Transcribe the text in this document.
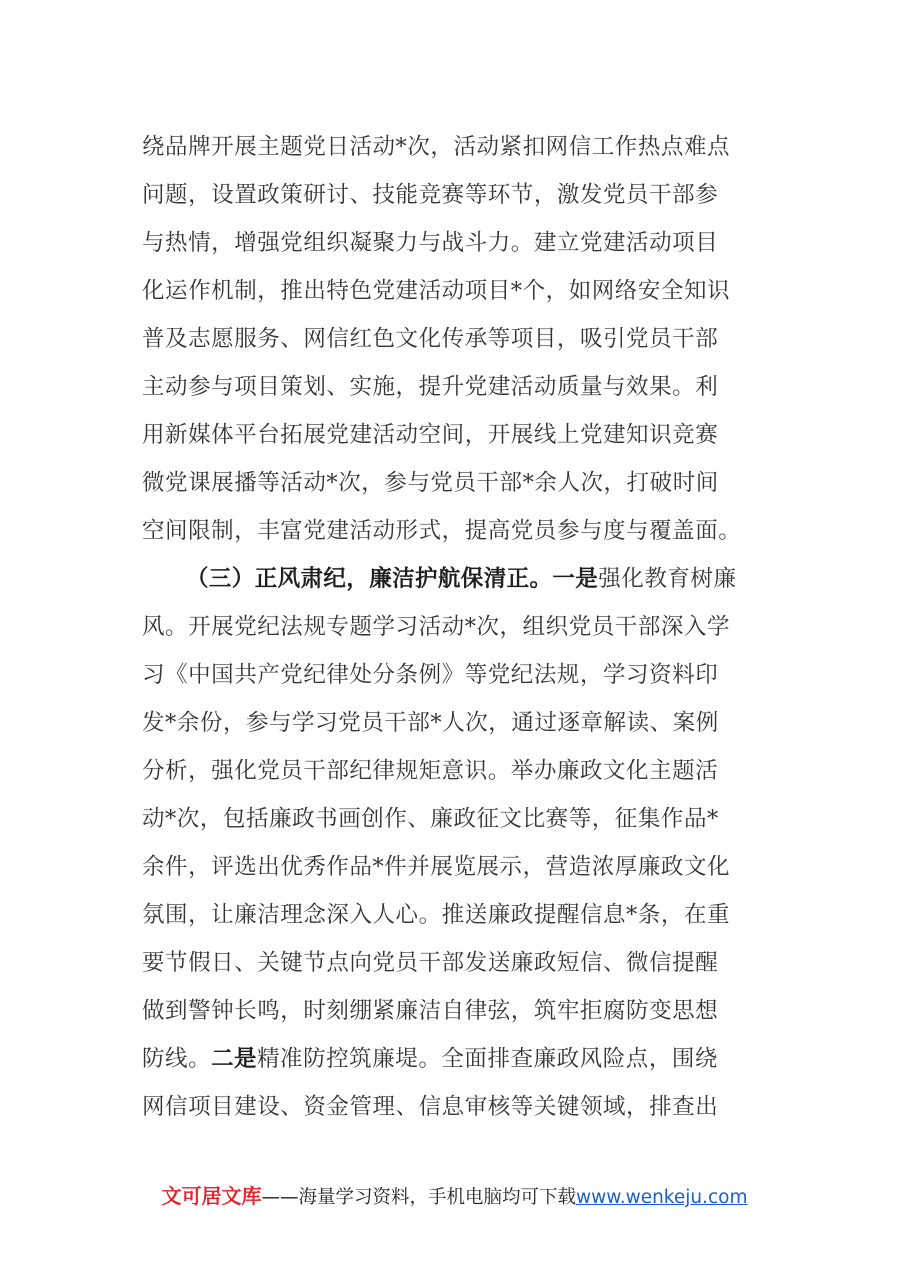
绕品牌开展主题党日活动*次，活动紧扣网信工作热点难点
问题，设置政策研讨、技能竞赛等环节，激发党员干部参
与热情，增强党组织凝聚力与战斗力。建立党建活动项目
化运作机制，推出特色党建活动项目*个，如网络安全知识
普及志愿服务、网信红色文化传承等项目，吸引党员干部
主动参与项目策划、实施，提升党建活动质量与效果。利
用新媒体平台拓展党建活动空间，开展线上党建知识竞赛
微党课展播等活动*次，参与党员干部*余人次，打破时间
空间限制，丰富党建活动形式，提高党员参与度与覆盖面。
（三）正风肃纪，廉洁护航保清正。一是强化教育树廉
风。开展党纪法规专题学习活动*次，组织党员干部深入学
习《中国共产党纪律处分条例》等党纪法规，学习资料印
发*余份，参与学习党员干部*人次，通过逐章解读、案例
分析，强化党员干部纪律规矩意识。举办廉政文化主题活
动*次，包括廉政书画创作、廉政征文比赛等，征集作品*
余件，评选出优秀作品*件并展览展示，营造浓厚廉政文化
氛围，让廉洁理念深入人心。推送廉政提醒信息*条，在重
要节假日、关键节点向党员干部发送廉政短信、微信提醒
做到警钟长鸣，时刻绷紧廉洁自律弦，筑牢拒腐防变思想
防线。二是精准防控筑廉堤。全面排查廉政风险点，围绕
网信项目建设、资金管理、信息审核等关键领域，排查出
文可居文库——海量学习资料，手机电脑均可下载www.wenkeju.com
